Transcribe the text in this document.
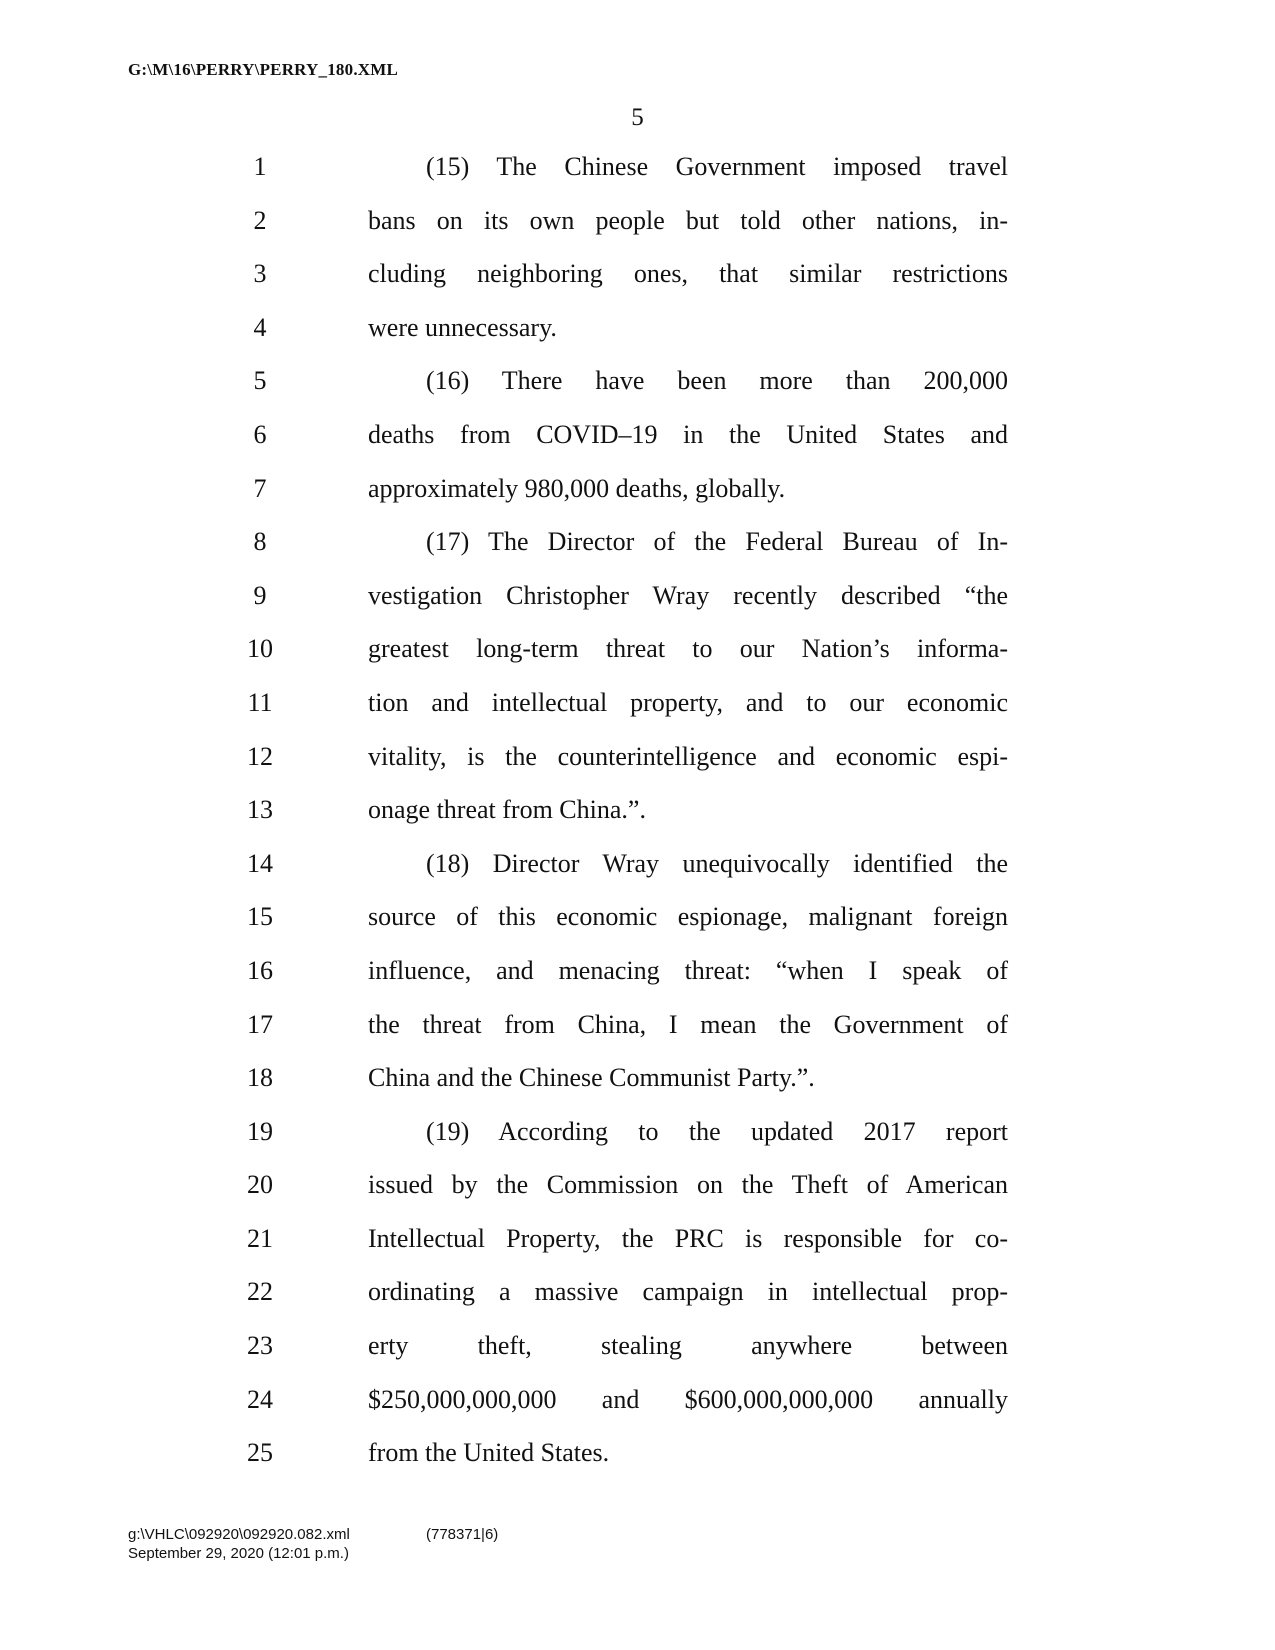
G:\M\16\PERRY\PERRY_180.XML
5
1	(15) The Chinese Government imposed travel
2	bans on its own people but told other nations, in-
3	cluding neighboring ones, that similar restrictions
4	were unnecessary.
5	(16) There have been more than 200,000
6	deaths from COVID–19 in the United States and
7	approximately 980,000 deaths, globally.
8	(17) The Director of the Federal Bureau of In-
9	vestigation Christopher Wray recently described “the
10	greatest long-term threat to our Nation’s informa-
11	tion and intellectual property, and to our economic
12	vitality, is the counterintelligence and economic espi-
13	onage threat from China.”.
14	(18) Director Wray unequivocally identified the
15	source of this economic espionage, malignant foreign
16	influence, and menacing threat: “when I speak of
17	the threat from China, I mean the Government of
18	China and the Chinese Communist Party.”.
19	(19) According to the updated 2017 report
20	issued by the Commission on the Theft of American
21	Intellectual Property, the PRC is responsible for co-
22	ordinating a massive campaign in intellectual prop-
23	erty theft, stealing anywhere between
24	$250,000,000,000 and $600,000,000,000 annually
25	from the United States.
g:\VHLC\092920\092920.082.xml
September 29, 2020 (12:01 p.m.)
(778371|6)
